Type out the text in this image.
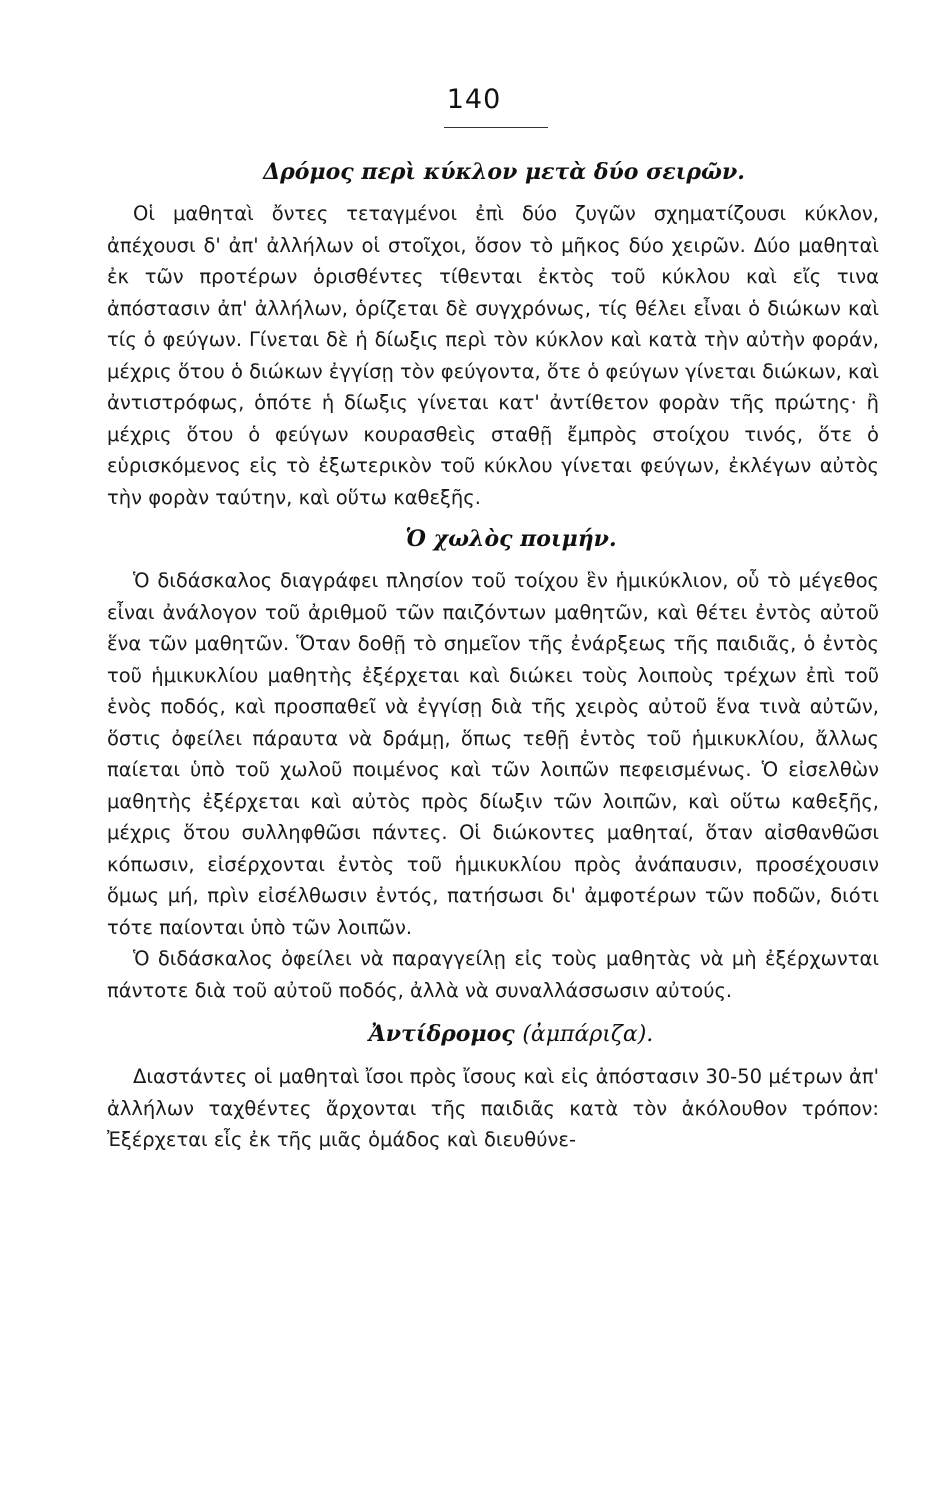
140
Δρόμος περὶ κύκλον μετὰ δύο σειρῶν.

Οἱ μαθηταὶ ὄντες τεταγμένοι ἐπὶ δύο ζυγῶν σχηματίζουσι κύκλον, ἀπέχουσι δ' ἀπ' ἀλλήλων οἱ στοῖχοι, ὅσον τὸ μῆκος δύο χειρῶν. Δύο μαθηταὶ ἐκ τῶν προτέρων ὁρισθέντες τίθενται ἐκτὸς τοῦ κύκλου καὶ εἴς τινα ἀπόστασιν ἀπ' ἀλλήλων, ὁρίζεται δὲ συγχρόνως, τίς θέλει εἶναι ὁ διώκων καὶ τίς ὁ φεύγων. Γίνεται δὲ ἡ δίωξις περὶ τὸν κύκλον καὶ κατὰ τὴν αὐτὴν φοράν, μέχρις ὅτου ὁ διώκων ἐγγίσῃ τὸν φεύγοντα, ὅτε ὁ φεύγων γίνεται διώκων, καὶ ἀντιστρόφως, ὁπότε ἡ δίωξις γίνεται κατ' ἀντίθετον φορὰν τῆς πρώτης· ἢ μέχρις ὅτου ὁ φεύγων κουρασθεὶς σταθῇ ἔμπρὸς στοίχου τινός, ὅτε ὁ εὑρισκόμενος εἰς τὸ ἐξωτερικὸν τοῦ κύκλου γίνεται φεύγων, ἐκλέγων αὐτὸς τὴν φορὰν ταύτην, καὶ οὕτω καθεξῆς.

Ὁ χωλὸς ποιμήν.

Ὁ διδάσκαλος διαγράφει πλησίον τοῦ τοίχου ἓν ἡμικύκλιον, οὗ τὸ μέγεθος εἶναι ἀνάλογον τοῦ ἀριθμοῦ τῶν παιζόντων μαθητῶν, καὶ θέτει ἐντὸς αὐτοῦ ἕνα τῶν μαθητῶν. Ὅταν δοθῇ τὸ σημεῖον τῆς ἐνάρξεως τῆς παιδιᾶς, ὁ ἐντὸς τοῦ ἡμικυκλίου μαθητὴς ἐξέρχεται καὶ διώκει τοὺς λοιποὺς τρέχων ἐπὶ τοῦ ἑνὸς ποδός, καὶ προσπαθεῖ νὰ ἐγγίσῃ διὰ τῆς χειρὸς αὐτοῦ ἕνα τινὰ αὐτῶν, ὅστις ὀφείλει πάραυτα νὰ δράμῃ, ὅπως τεθῇ ἐντὸς τοῦ ἡμικυκλίου, ἄλλως παίεται ὑπὸ τοῦ χωλοῦ ποιμένος καὶ τῶν λοιπῶν πεφεισμένως. Ὁ εἰσελθὼν μαθητὴς ἐξέρχεται καὶ αὐτὸς πρὸς δίωξιν τῶν λοιπῶν, καὶ οὕτω καθεξῆς, μέχρις ὅτου συλληφθῶσι πάντες. Οἱ διώκοντες μαθηταί, ὅταν αἰσθανθῶσι κόπωσιν, εἰσέρχονται ἐντὸς τοῦ ἡμικυκλίου πρὸς ἀνάπαυσιν, προσέχουσιν ὅμως μή, πρὶν εἰσέλθωσιν ἐντός, πατήσωσι δι' ἀμφοτέρων τῶν ποδῶν, διότι τότε παίονται ὑπὸ τῶν λοιπῶν.

Ὁ διδάσκαλος ὀφείλει νὰ παραγγείλῃ εἰς τοὺς μαθητὰς νὰ μὴ ἐξέρχωνται πάντοτε διὰ τοῦ αὐτοῦ ποδός, ἀλλὰ νὰ συναλλάσσωσιν αὐτούς.

Ἀντίδρομος (ἀμπάριζα).

Διαστάντες οἱ μαθηταὶ ἴσοι πρὸς ἴσους καὶ εἰς ἀπόστασιν 30-50 μέτρων ἀπ' ἀλλήλων ταχθέντες ἄρχονται τῆς παιδιᾶς κατὰ τὸν ἀκόλουθον τρόπον: Ἐξέρχεται εἷς ἐκ τῆς μιᾶς ὁμάδος καὶ διευθύνε-
